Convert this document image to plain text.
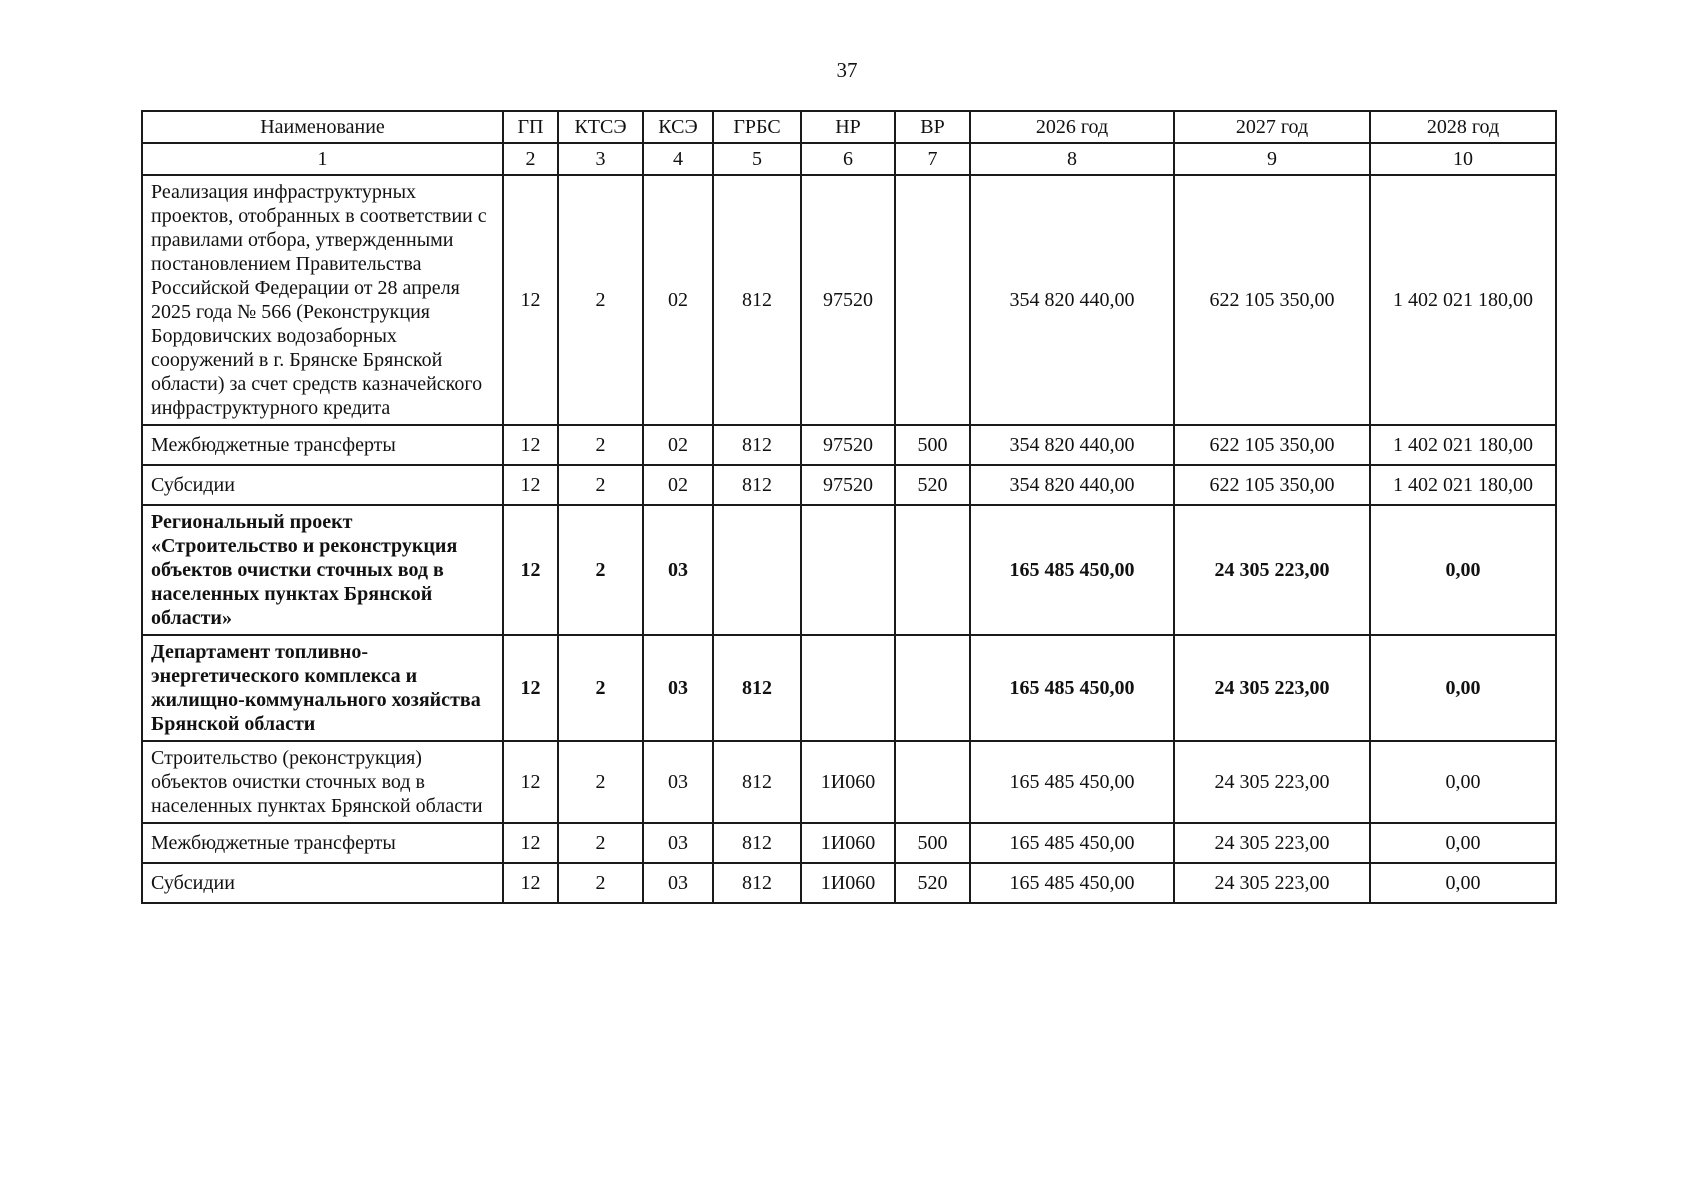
37
Наименование	ГП	КТСЭ	КСЭ	ГРБС	НР	ВР	2026 год	2027 год	2028 год
1	2	3	4	5	6	7	8	9	10
Реализация инфраструктурных проектов, отобранных в соответствии с правилами отбора, утвержденными постановлением Правительства Российской Федерации от 28 апреля 2025 года № 566 (Реконструкция Бордовичских водозаборных сооружений в г. Брянске Брянской области) за счет средств казначейского инфраструктурного кредита	12	2	02	812	97520		354 820 440,00	622 105 350,00	1 402 021 180,00
Межбюджетные трансферты	12	2	02	812	97520	500	354 820 440,00	622 105 350,00	1 402 021 180,00
Субсидии	12	2	02	812	97520	520	354 820 440,00	622 105 350,00	1 402 021 180,00
Региональный проект «Строительство и реконструкция объектов очистки сточных вод в населенных пунктах Брянской области»	12	2	03				165 485 450,00	24 305 223,00	0,00
Департамент топливно-энергетического комплекса и жилищно-коммунального хозяйства Брянской области	12	2	03	812			165 485 450,00	24 305 223,00	0,00
Строительство (реконструкция) объектов очистки сточных вод в населенных пунктах Брянской области	12	2	03	812	1И060		165 485 450,00	24 305 223,00	0,00
Межбюджетные трансферты	12	2	03	812	1И060	500	165 485 450,00	24 305 223,00	0,00
Субсидии	12	2	03	812	1И060	520	165 485 450,00	24 305 223,00	0,00
